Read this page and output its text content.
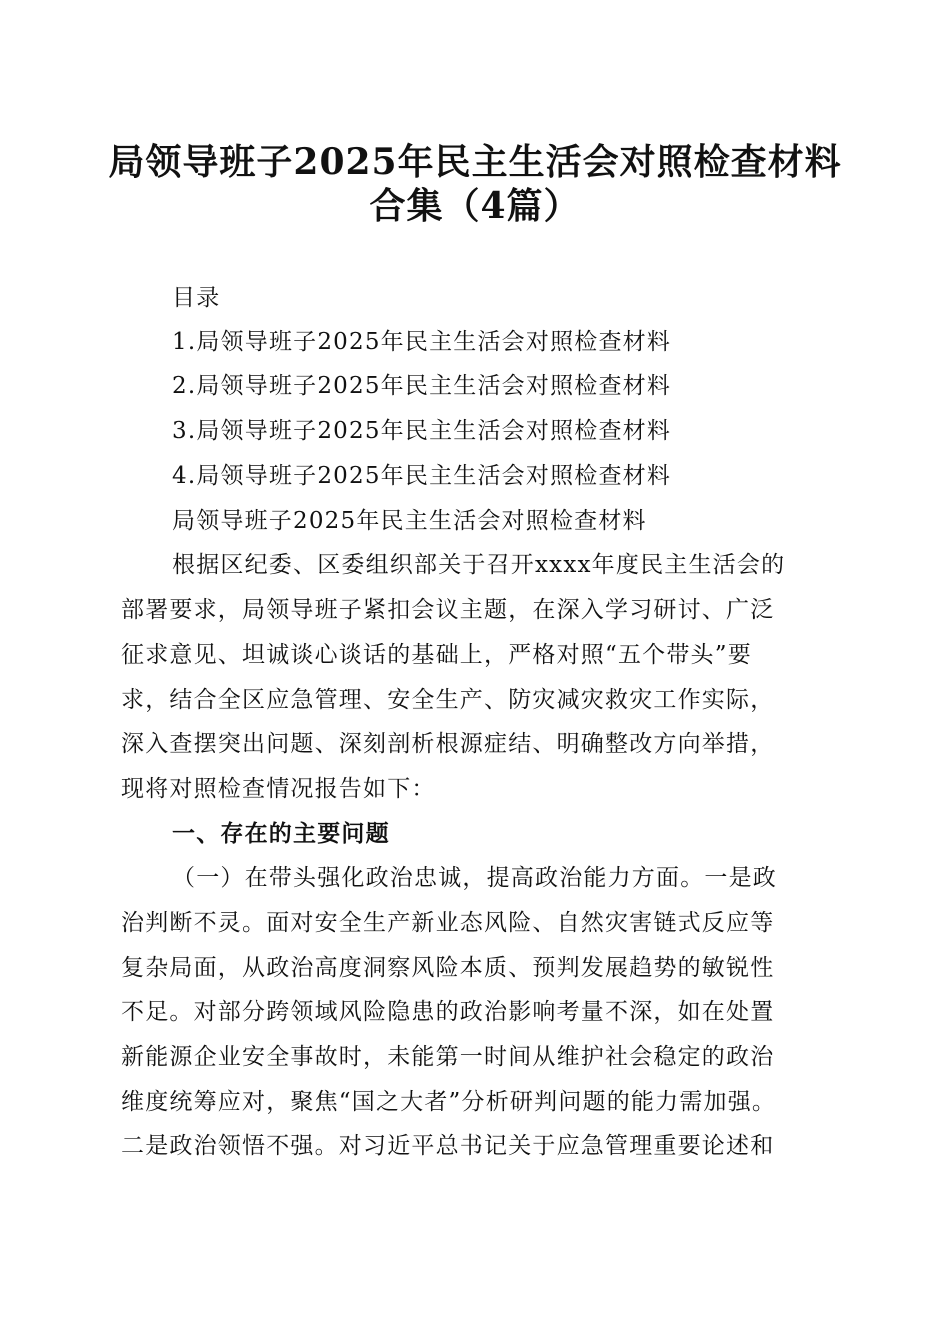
局领导班子2025年民主生活会对照检查材料
合集（4篇）
目录
1.局领导班子2025年民主生活会对照检查材料
2.局领导班子2025年民主生活会对照检查材料
3.局领导班子2025年民主生活会对照检查材料
4.局领导班子2025年民主生活会对照检查材料
局领导班子2025年民主生活会对照检查材料
根据区纪委、区委组织部关于召开xxxx年度民主生活会的
部署要求，局领导班子紧扣会议主题，在深入学习研讨、广泛
征求意见、坦诚谈心谈话的基础上，严格对照“五个带头”要
求，结合全区应急管理、安全生产、防灾减灾救灾工作实际，
深入查摆突出问题、深刻剖析根源症结、明确整改方向举措，
现将对照检查情况报告如下：
一、存在的主要问题
（一）在带头强化政治忠诚，提高政治能力方面。一是政
治判断不灵。面对安全生产新业态风险、自然灾害链式反应等
复杂局面，从政治高度洞察风险本质、预判发展趋势的敏锐性
不足。对部分跨领域风险隐患的政治影响考量不深，如在处置
新能源企业安全事故时，未能第一时间从维护社会稳定的政治
维度统筹应对，聚焦“国之大者”分析研判问题的能力需加强。
二是政治领悟不强。对习近平总书记关于应急管理重要论述和
